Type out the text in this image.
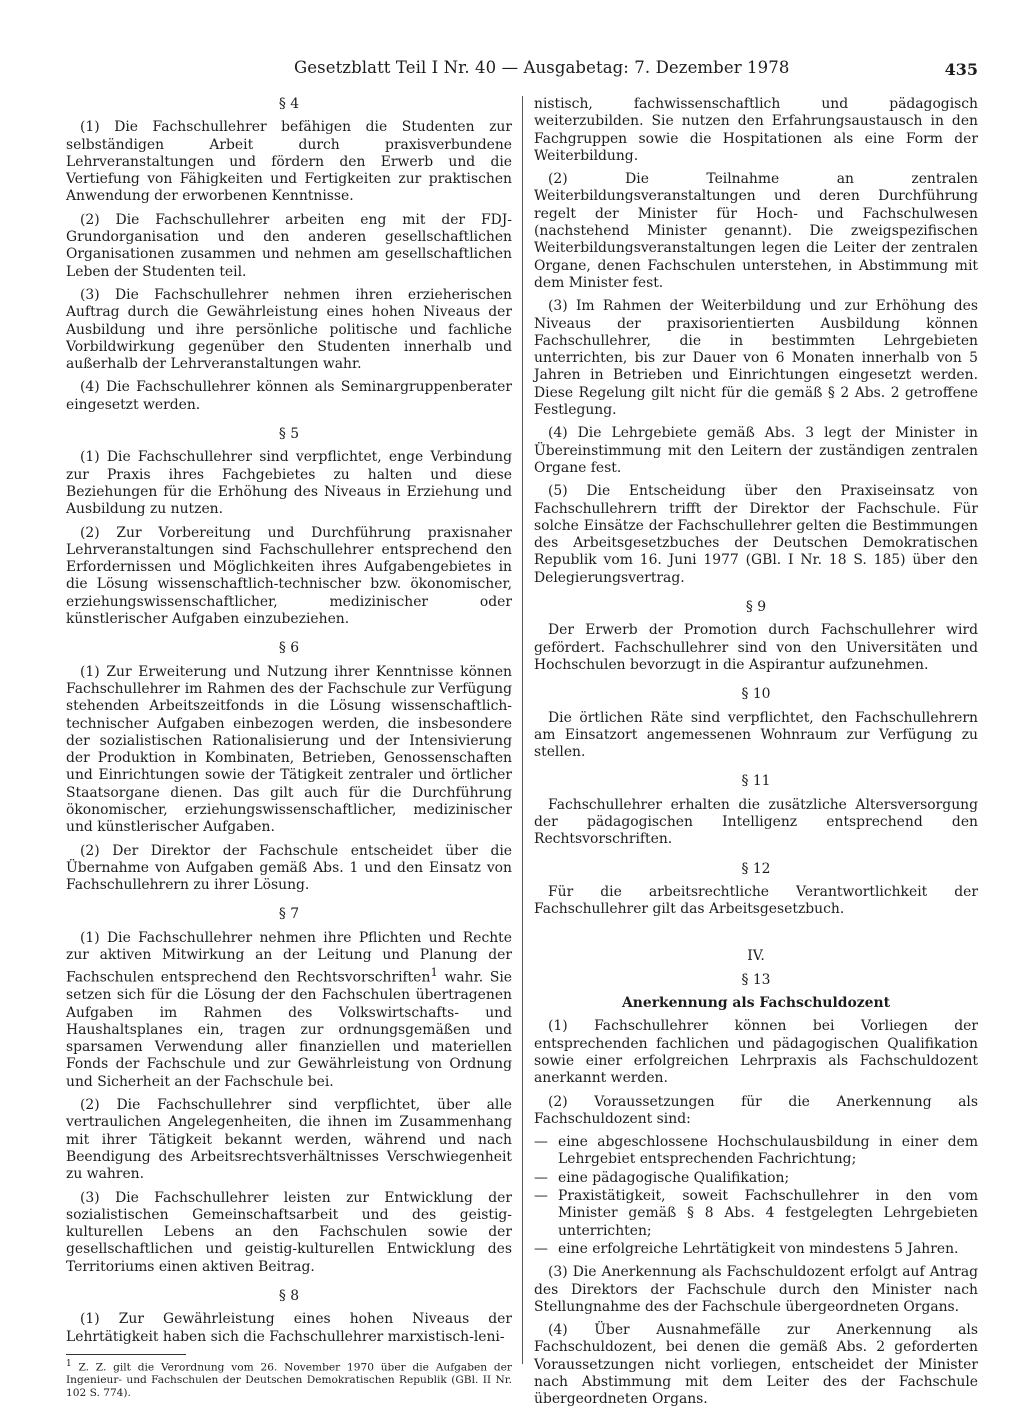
Gesetzblatt Teil I Nr. 40 — Ausgabetag: 7. Dezember 1978	435
§ 4

(1) Die Fachschullehrer befähigen die Studenten zur selbständigen Arbeit durch praxisverbundene Lehrveranstaltungen und fördern den Erwerb und die Vertiefung von Fähigkeiten und Fertigkeiten zur praktischen Anwendung der erworbenen Kenntnisse.

(2) Die Fachschullehrer arbeiten eng mit der FDJ-Grundorganisation und den anderen gesellschaftlichen Organisationen zusammen und nehmen am gesellschaftlichen Leben der Studenten teil.

(3) Die Fachschullehrer nehmen ihren erzieherischen Auftrag durch die Gewährleistung eines hohen Niveaus der Ausbildung und ihre persönliche politische und fachliche Vorbildwirkung gegenüber den Studenten innerhalb und außerhalb der Lehrveranstaltungen wahr.

(4) Die Fachschullehrer können als Seminargruppenberater eingesetzt werden.

§ 5

(1) Die Fachschullehrer sind verpflichtet, enge Verbindung zur Praxis ihres Fachgebietes zu halten und diese Beziehungen für die Erhöhung des Niveaus in Erziehung und Ausbildung zu nutzen.

(2) Zur Vorbereitung und Durchführung praxisnaher Lehrveranstaltungen sind Fachschullehrer entsprechend den Erfordernissen und Möglichkeiten ihres Aufgabengebietes in die Lösung wissenschaftlich-technischer bzw. ökonomischer, erziehungswissenschaftlicher, medizinischer oder künstlerischer Aufgaben einzubeziehen.

§ 6

(1) Zur Erweiterung und Nutzung ihrer Kenntnisse können Fachschullehrer im Rahmen des der Fachschule zur Verfügung stehenden Arbeitszeitfonds in die Lösung wissenschaftlich-technischer Aufgaben einbezogen werden, die insbesondere der sozialistischen Rationalisierung und der Intensivierung der Produktion in Kombinaten, Betrieben, Genossenschaften und Einrichtungen sowie der Tätigkeit zentraler und örtlicher Staatsorgane dienen. Das gilt auch für die Durchführung ökonomischer, erziehungswissenschaftlicher, medizinischer und künstlerischer Aufgaben.

(2) Der Direktor der Fachschule entscheidet über die Übernahme von Aufgaben gemäß Abs. 1 und den Einsatz von Fachschullehrern zu ihrer Lösung.

§ 7

(1) Die Fachschullehrer nehmen ihre Pflichten und Rechte zur aktiven Mitwirkung an der Leitung und Planung der Fachschulen entsprechend den Rechtsvorschriften$^1$ wahr. Sie setzen sich für die Lösung der den Fachschulen übertragenen Aufgaben im Rahmen des Volkswirtschafts- und Haushaltsplanes ein, tragen zur ordnungsgemäßen und sparsamen Verwendung aller finanziellen und materiellen Fonds der Fachschule und zur Gewährleistung von Ordnung und Sicherheit an der Fachschule bei.

(2) Die Fachschullehrer sind verpflichtet, über alle vertraulichen Angelegenheiten, die ihnen im Zusammenhang mit ihrer Tätigkeit bekannt werden, während und nach Beendigung des Arbeitsrechtsverhältnisses Verschwiegenheit zu wahren.

(3) Die Fachschullehrer leisten zur Entwicklung der sozialistischen Gemeinschaftsarbeit und des geistig-kulturellen Lebens an den Fachschulen sowie der gesellschaftlichen und geistig-kulturellen Entwicklung des Territoriums einen aktiven Beitrag.

§ 8

(1) Zur Gewährleistung eines hohen Niveaus der Lehrtätigkeit haben sich die Fachschullehrer marxistisch-leni-

$^1$ Z. Z. gilt die Verordnung vom 26. November 1970 über die Aufgaben der Ingenieur- und Fachschulen der Deutschen Demokratischen Republik (GBl. II Nr. 102 S. 774).

nistisch, fachwissenschaftlich und pädagogisch weiterzubilden. Sie nutzen den Erfahrungsaustausch in den Fachgruppen sowie die Hospitationen als eine Form der Weiterbildung.

(2) Die Teilnahme an zentralen Weiterbildungsveranstaltungen und deren Durchführung regelt der Minister für Hoch- und Fachschulwesen (nachstehend Minister genannt). Die zweigspezifischen Weiterbildungsveranstaltungen legen die Leiter der zentralen Organe, denen Fachschulen unterstehen, in Abstimmung mit dem Minister fest.

(3) Im Rahmen der Weiterbildung und zur Erhöhung des Niveaus der praxisorientierten Ausbildung können Fachschullehrer, die in bestimmten Lehrgebieten unterrichten, bis zur Dauer von 6 Monaten innerhalb von 5 Jahren in Betrieben und Einrichtungen eingesetzt werden. Diese Regelung gilt nicht für die gemäß § 2 Abs. 2 getroffene Festlegung.

(4) Die Lehrgebiete gemäß Abs. 3 legt der Minister in Übereinstimmung mit den Leitern der zuständigen zentralen Organe fest.

(5) Die Entscheidung über den Praxiseinsatz von Fachschullehrern trifft der Direktor der Fachschule. Für solche Einsätze der Fachschullehrer gelten die Bestimmungen des Arbeitsgesetzbuches der Deutschen Demokratischen Republik vom 16. Juni 1977 (GBl. I Nr. 18 S. 185) über den Delegierungsvertrag.

§ 9

Der Erwerb der Promotion durch Fachschullehrer wird gefördert. Fachschullehrer sind von den Universitäten und Hochschulen bevorzugt in die Aspirantur aufzunehmen.

§ 10

Die örtlichen Räte sind verpflichtet, den Fachschullehrern am Einsatzort angemessenen Wohnraum zur Verfügung zu stellen.

§ 11

Fachschullehrer erhalten die zusätzliche Altersversorgung der pädagogischen Intelligenz entsprechend den Rechtsvorschriften.

§ 12

Für die arbeitsrechtliche Verantwortlichkeit der Fachschullehrer gilt das Arbeitsgesetzbuch.

IV.
§ 13
Anerkennung als Fachschuldozent

(1) Fachschullehrer können bei Vorliegen der entsprechenden fachlichen und pädagogischen Qualifikation sowie einer erfolgreichen Lehrpraxis als Fachschuldozent anerkannt werden.

(2) Voraussetzungen für die Anerkennung als Fachschuldozent sind:

— eine abgeschlossene Hochschulausbildung in einer dem Lehrgebiet entsprechenden Fachrichtung;
— eine pädagogische Qualifikation;
— Praxistätigkeit, soweit Fachschullehrer in den vom Minister gemäß § 8 Abs. 4 festgelegten Lehrgebieten unterrichten;
— eine erfolgreiche Lehrtätigkeit von mindestens 5 Jahren.

(3) Die Anerkennung als Fachschuldozent erfolgt auf Antrag des Direktors der Fachschule durch den Minister nach Stellungnahme des der Fachschule übergeordneten Organs.

(4) Über Ausnahmefälle zur Anerkennung als Fachschuldozent, bei denen die gemäß Abs. 2 geforderten Voraussetzungen nicht vorliegen, entscheidet der Minister nach Abstimmung mit dem Leiter des der Fachschule übergeordneten Organs.
